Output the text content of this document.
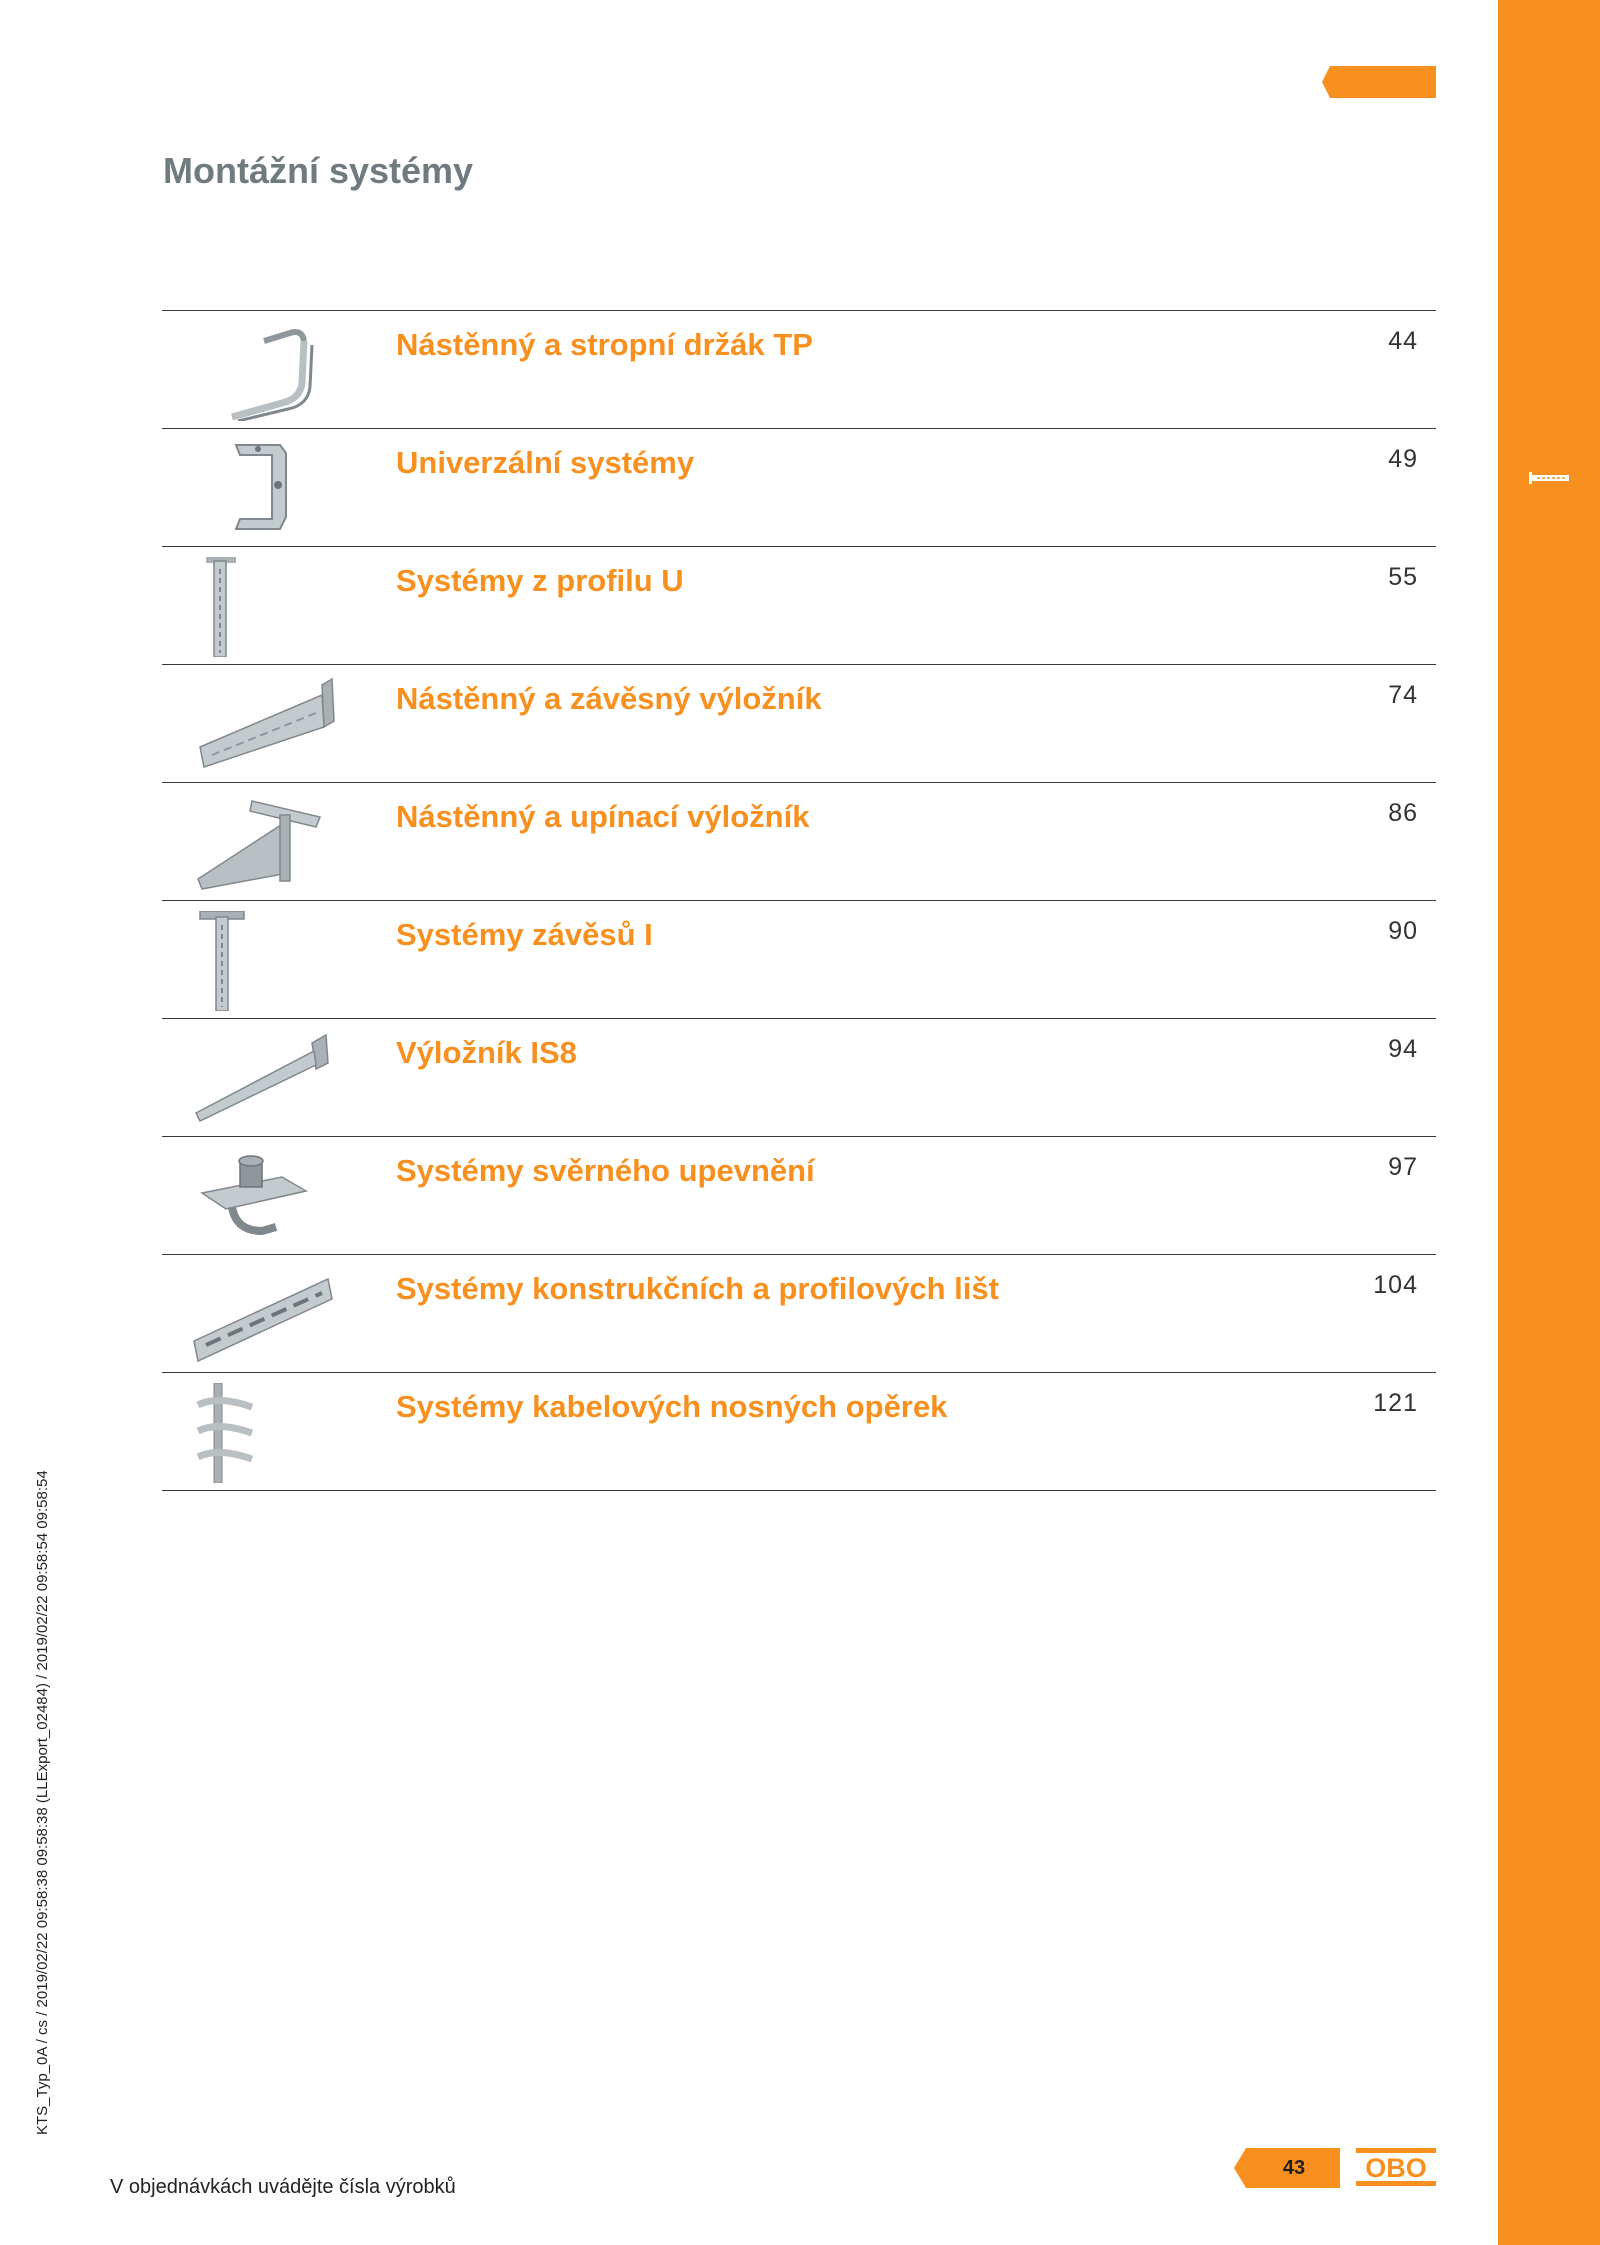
Montážní systémy
Nástěnný a stropní držák TP	44
Univerzální systémy	49
Systémy z profilu U	55
Nástěnný a závěsný výložník	74
Nástěnný a upínací výložník	86
Systémy závěsů I	90
Výložník IS8	94
Systémy svěrného upevnění	97
Systémy konstrukčních a profilových lišt	104
Systémy kabelových nosných opěrek	121
KTS_Typ_0A / cs / 2019/02/22 09:58:38 09:58:38 (LLExport_02484) / 2019/02/22 09:58:54 09:58:54
V objednávkách uvádějte čísla výrobků
43	OBO
